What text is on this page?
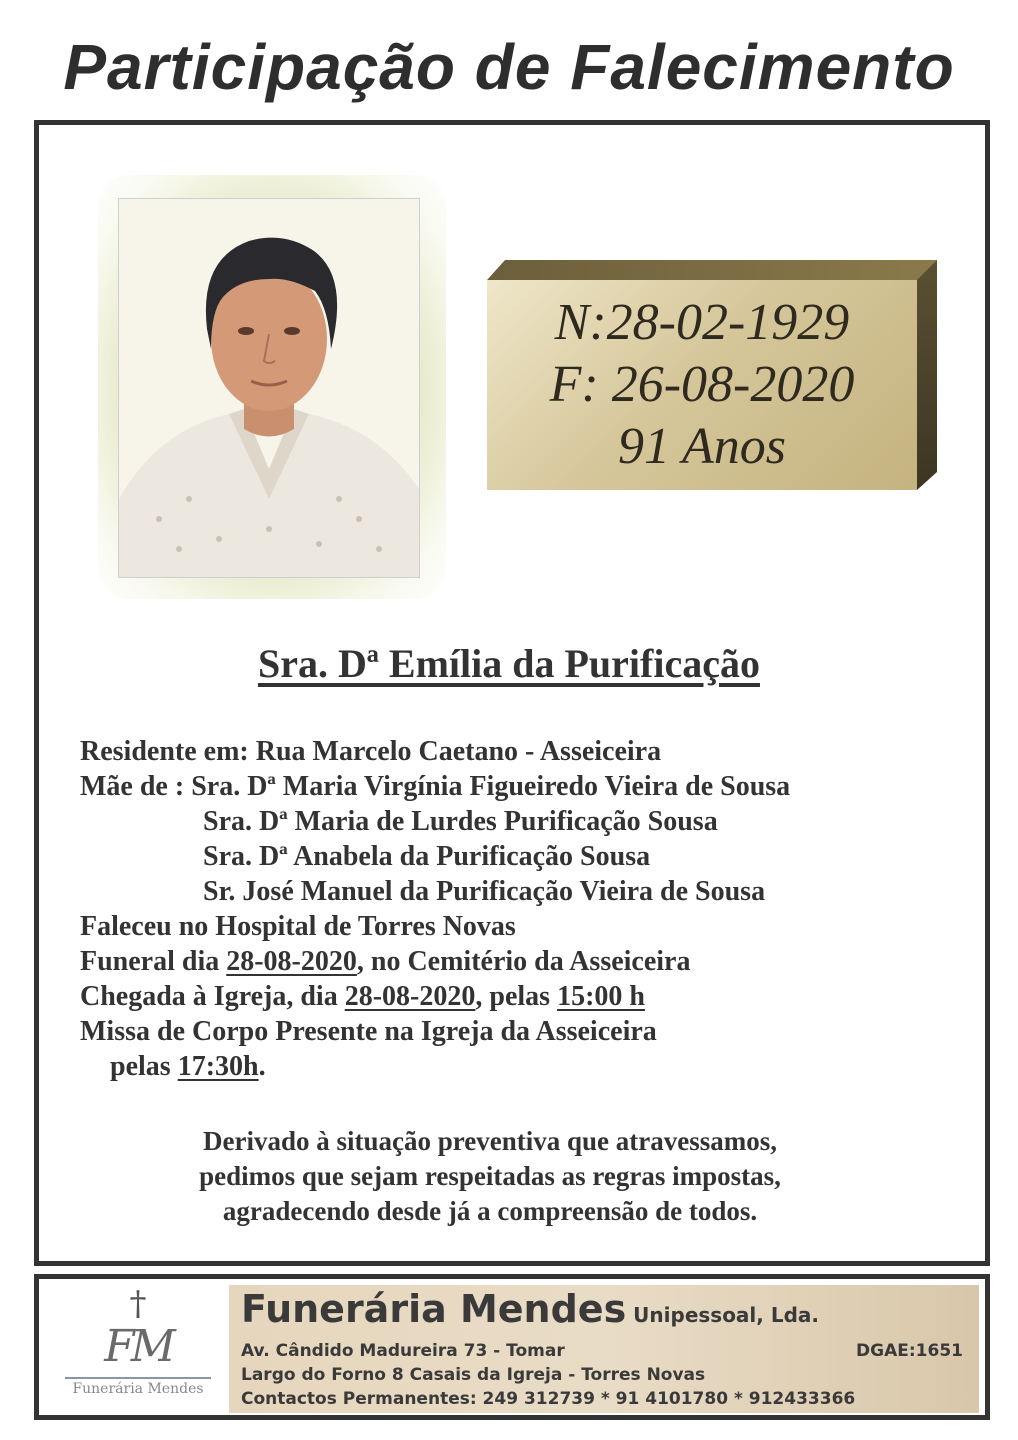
Participação de Falecimento
N:28-02-1929
F: 26-08-2020
91 Anos
Sra. Dª Emília da Purificação
Residente em: Rua Marcelo Caetano - Asseiceira
Mãe de : Sra. Dª Maria Virgínia Figueiredo Vieira de Sousa
Sra. Dª Maria de Lurdes Purificação Sousa
Sra. Dª Anabela da Purificação Sousa
Sr. José Manuel da Purificação Vieira de Sousa
Faleceu no Hospital de Torres Novas
Funeral dia 28-08-2020, no Cemitério da Asseiceira
Chegada à Igreja, dia 28-08-2020, pelas 15:00 h
Missa de Corpo Presente na Igreja da Asseiceira
pelas 17:30h.
Derivado à situação preventiva que atravessamos,
pedimos que sejam respeitadas as regras impostas,
agradecendo desde já a compreensão de todos.
†
FM
Funerária Mendes
Funerária Mendes Unipessoal, Lda.
Av. Cândido Madureira 73 - Tomar	DGAE:1651
Largo do Forno 8 Casais da Igreja - Torres Novas
Contactos Permanentes: 249 312739 * 91 4101780 * 912433366
